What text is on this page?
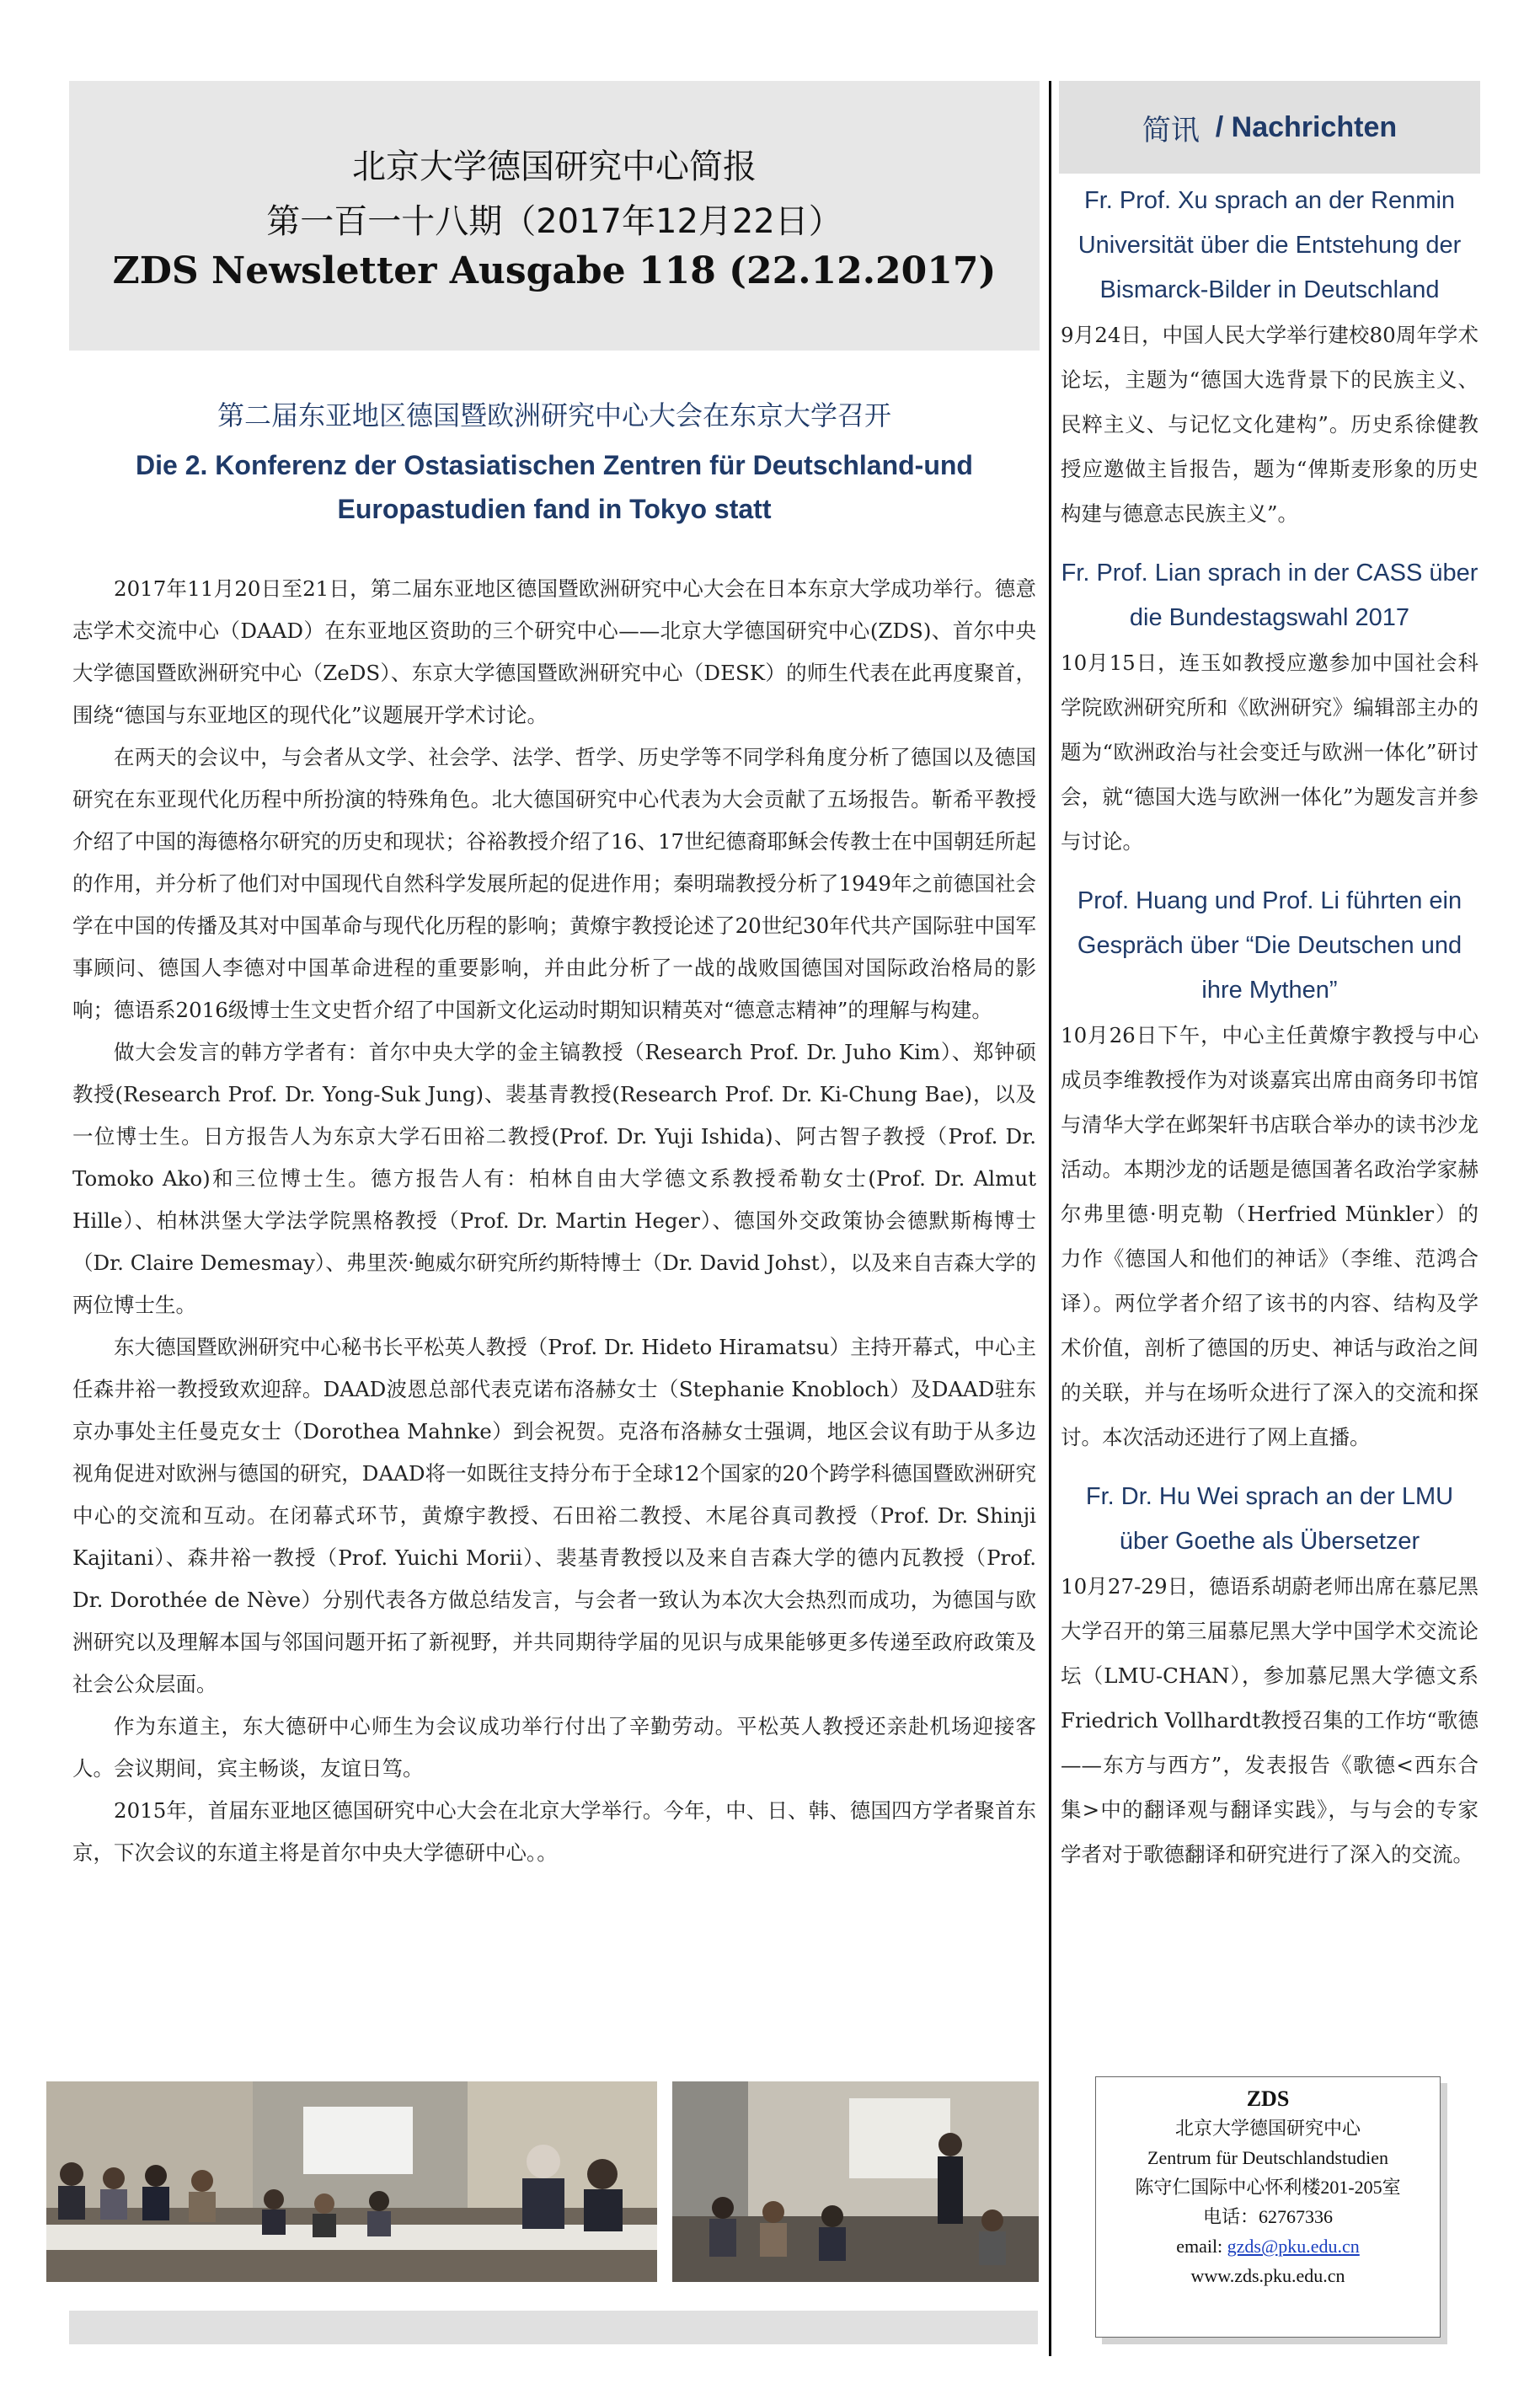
北京大学德国研究中心简报
第一百一十八期（2017年12月22日）
ZDS Newsletter Ausgabe 118 (22.12.2017)
第二届东亚地区德国暨欧洲研究中心大会在东京大学召开
Die 2. Konferenz der Ostasiatischen Zentren für Deutschland-und Europastudien fand in Tokyo statt

2017年11月20日至21日，第二届东亚地区德国暨欧洲研究中心大会在日本东京大学成功举行。德意志学术交流中心（DAAD）在东亚地区资助的三个研究中心——北京大学德国研究中心(ZDS)、首尔中央大学德国暨欧洲研究中心（ZeDS）、东京大学德国暨欧洲研究中心（DESK）的师生代表在此再度聚首，围绕“德国与东亚地区的现代化”议题展开学术讨论。

在两天的会议中，与会者从文学、社会学、法学、哲学、历史学等不同学科角度分析了德国以及德国研究在东亚现代化历程中所扮演的特殊角色。北大德国研究中心代表为大会贡献了五场报告。靳希平教授介绍了中国的海德格尔研究的历史和现状；谷裕教授介绍了16、17世纪德裔耶稣会传教士在中国朝廷所起的作用，并分析了他们对中国现代自然科学发展所起的促进作用；秦明瑞教授分析了1949年之前德国社会学在中国的传播及其对中国革命与现代化历程的影响；黄燎宇教授论述了20世纪30年代共产国际驻中国军事顾问、德国人李德对中国革命进程的重要影响，并由此分析了一战的战败国德国对国际政治格局的影响；德语系2016级博士生文史哲介绍了中国新文化运动时期知识精英对“德意志精神”的理解与构建。

做大会发言的韩方学者有：首尔中央大学的金主镐教授（Research Prof. Dr. Juho Kim）、郑钟硕教授(Research Prof. Dr. Yong-Suk Jung)、裴基青教授(Research Prof. Dr. Ki-Chung Bae)，以及一位博士生。日方报告人为东京大学石田裕二教授(Prof. Dr. Yuji Ishida)、阿古智子教授（Prof. Dr. Tomoko Ako)和三位博士生。德方报告人有：柏林自由大学德文系教授希勒女士(Prof. Dr. Almut Hille）、柏林洪堡大学法学院黑格教授（Prof. Dr. Martin Heger）、德国外交政策协会德默斯梅博士（Dr. Claire Demesmay）、弗里茨·鲍威尔研究所约斯特博士（Dr. David Johst），以及来自吉森大学的两位博士生。

东大德国暨欧洲研究中心秘书长平松英人教授（Prof. Dr. Hideto Hiramatsu）主持开幕式，中心主任森井裕一教授致欢迎辞。DAAD波恩总部代表克诺布洛赫女士（Stephanie Knobloch）及DAAD驻东京办事处主任曼克女士（Dorothea Mahnke）到会祝贺。克洛布洛赫女士强调，地区会议有助于从多边视角促进对欧洲与德国的研究，DAAD将一如既往支持分布于全球12个国家的20个跨学科德国暨欧洲研究中心的交流和互动。在闭幕式环节，黄燎宇教授、石田裕二教授、木尾谷真司教授（Prof. Dr. Shinji Kajitani）、森井裕一教授（Prof. Yuichi Morii）、裴基青教授以及来自吉森大学的德内瓦教授（Prof. Dr. Dorothée de Nève）分别代表各方做总结发言，与会者一致认为本次大会热烈而成功，为德国与欧洲研究以及理解本国与邻国问题开拓了新视野，并共同期待学届的见识与成果能够更多传递至政府政策及社会公众层面。

作为东道主，东大德研中心师生为会议成功举行付出了辛勤劳动。平松英人教授还亲赴机场迎接客人。会议期间，宾主畅谈，友谊日笃。

2015年，首届东亚地区德国研究中心大会在北京大学举行。今年，中、日、韩、德国四方学者聚首东京，下次会议的东道主将是首尔中央大学德研中心。。

简讯
/ Nachrichten
Fr. Prof. Xu sprach an der Renmin Universität über die Entstehung der Bismarck-Bilder in Deutschland
9月24日，中国人民大学举行建校80周年学术论坛，主题为“德国大选背景下的民族主义、民粹主义、与记忆文化建构”。历史系徐健教授应邀做主旨报告，题为“俾斯麦形象的历史构建与德意志民族主义”。
Fr. Prof. Lian sprach in der CASS über die Bundestagswahl 2017
10月15日，连玉如教授应邀参加中国社会科学院欧洲研究所和《欧洲研究》编辑部主办的题为“欧洲政治与社会变迁与欧洲一体化”研讨会，就“德国大选与欧洲一体化”为题发言并参与讨论。
Prof. Huang und Prof. Li führten ein Gespräch über “Die Deutschen und ihre Mythen”
10月26日下午，中心主任黄燎宇教授与中心成员李维教授作为对谈嘉宾出席由商务印书馆与清华大学在邺架轩书店联合举办的读书沙龙活动。本期沙龙的话题是德国著名政治学家赫尔弗里德·明克勒（Herfried Münkler）的力作《德国人和他们的神话》（李维、范鸿合译）。两位学者介绍了该书的内容、结构及学术价值，剖析了德国的历史、神话与政治之间的关联，并与在场听众进行了深入的交流和探讨。本次活动还进行了网上直播。
Fr. Dr. Hu Wei sprach an der LMU über Goethe als Übersetzer
10月27-29日，德语系胡蔚老师出席在慕尼黑大学召开的第三届慕尼黑大学中国学术交流论坛（LMU-CHAN），参加慕尼黑大学德文系Friedrich Vollhardt教授召集的工作坊“歌德——东方与西方”，发表报告《歌德<西东合集>中的翻译观与翻译实践》，与与会的专家学者对于歌德翻译和研究进行了深入的交流。
ZDS
北京大学德国研究中心
Zentrum für Deutschlandstudien
陈守仁国际中心怀利楼201-205室
电话：62767336
email: gzds@pku.edu.cn
www.zds.pku.edu.cn
